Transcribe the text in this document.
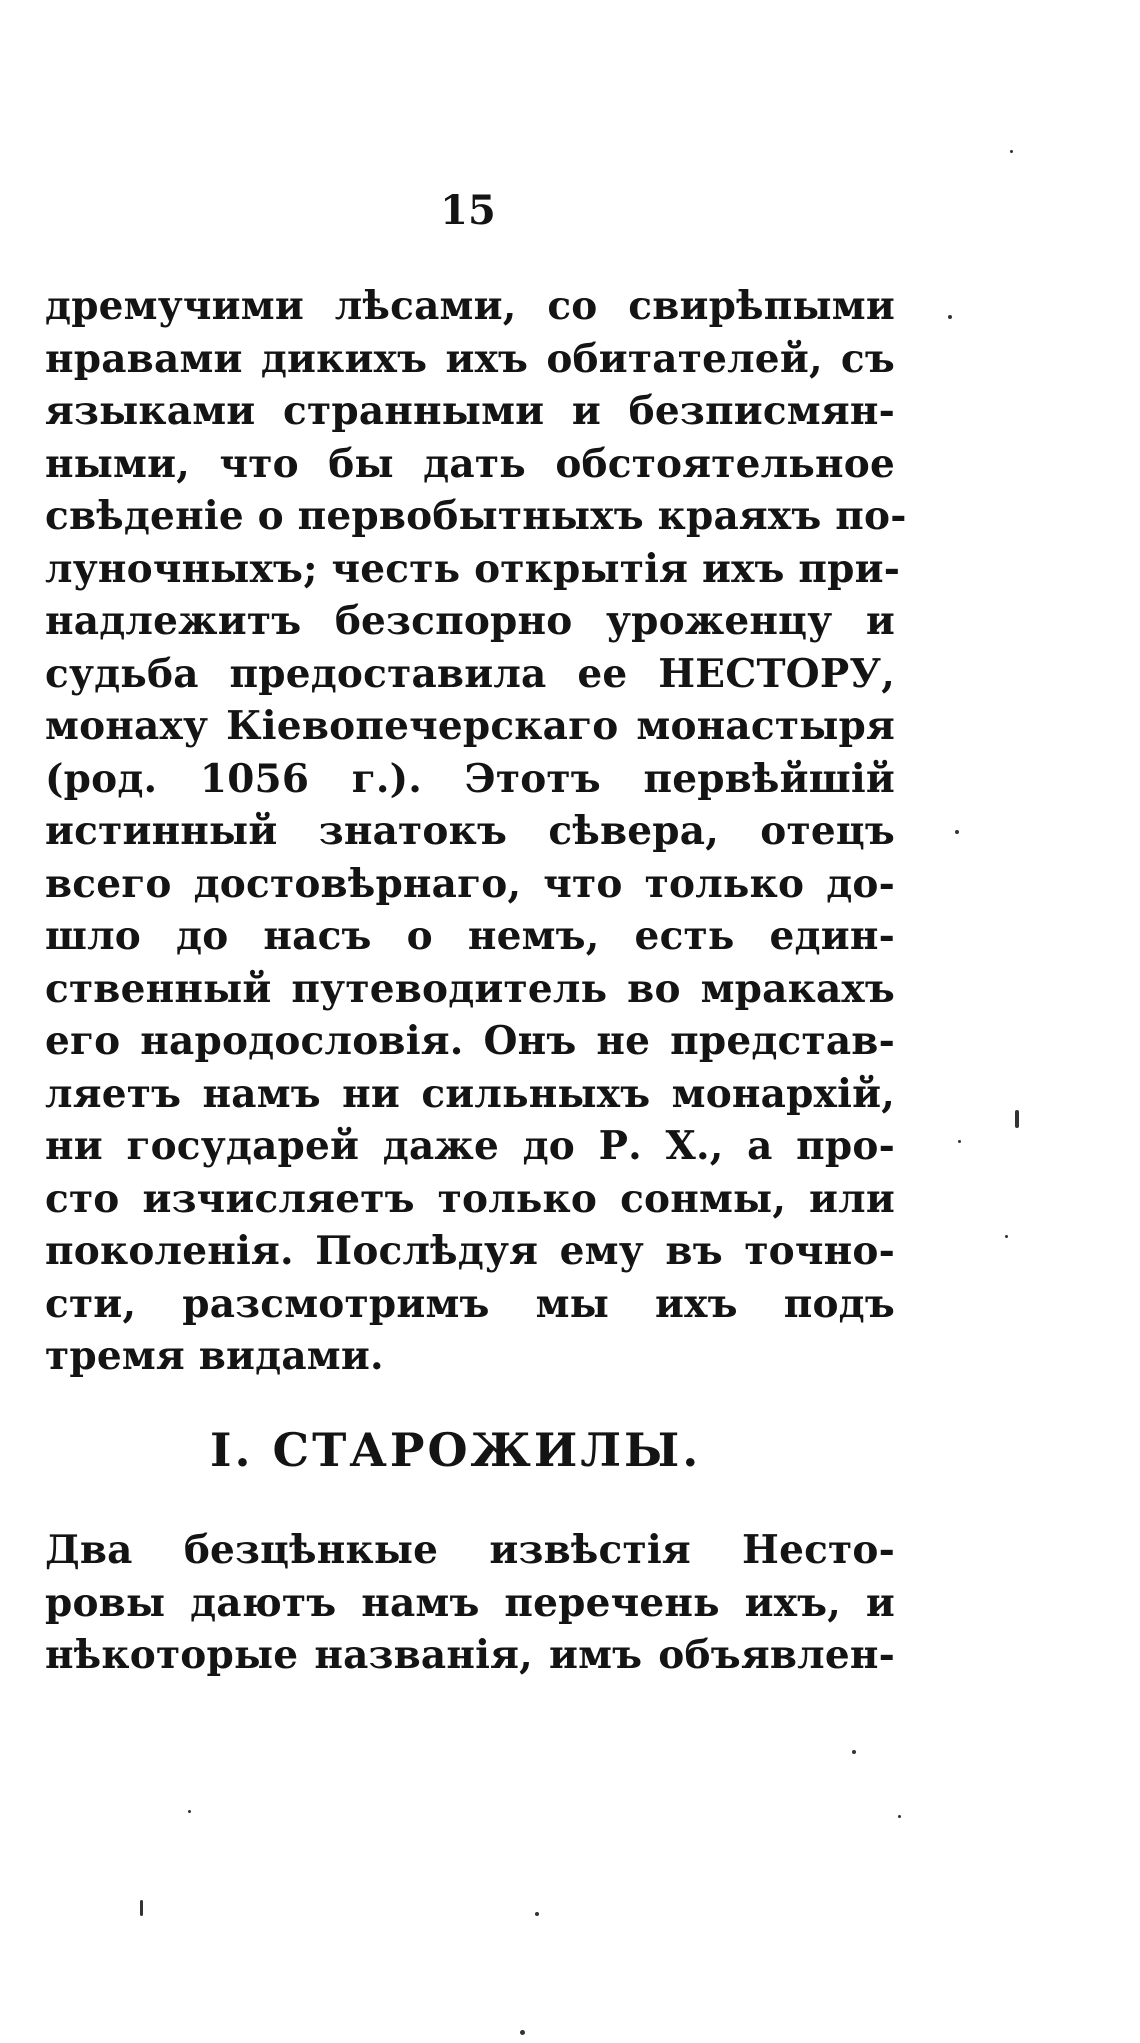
15
дремучими лѣсами, со свирѣпыми
нравами дикихъ ихъ обитателей, съ
языками странными и безписмян-
ными, что бы дать обстоятельное
свѣденіе о первобытныхъ краяхъ по-
луночныхъ; честь открытія ихъ при-
надлежитъ безспорно уроженцу и
судьба предоставила ее НЕСТОРУ,
монаху Кіевопечерскаго монастыря
(род. 1056 г.). Этотъ первѣйшій
истинный знатокъ сѣвера, отецъ
всего достовѣрнаго, что только до-
шло до насъ о немъ, есть един-
ственный путеводитель во мракахъ
его народословія. Онъ не представ-
ляетъ намъ ни сильныхъ монархій,
ни государей даже до Р. Х., а про-
сто изчисляетъ только сонмы, или
поколенія. Послѣдуя ему въ точно-
сти, разсмотримъ мы ихъ подъ
тремя видами.
I. СТАРОЖИЛЫ.
Два безцѣнкые извѣстія Несто-
ровы даютъ намъ перечень ихъ, и
нѣкоторые названія, имъ объявлен-
